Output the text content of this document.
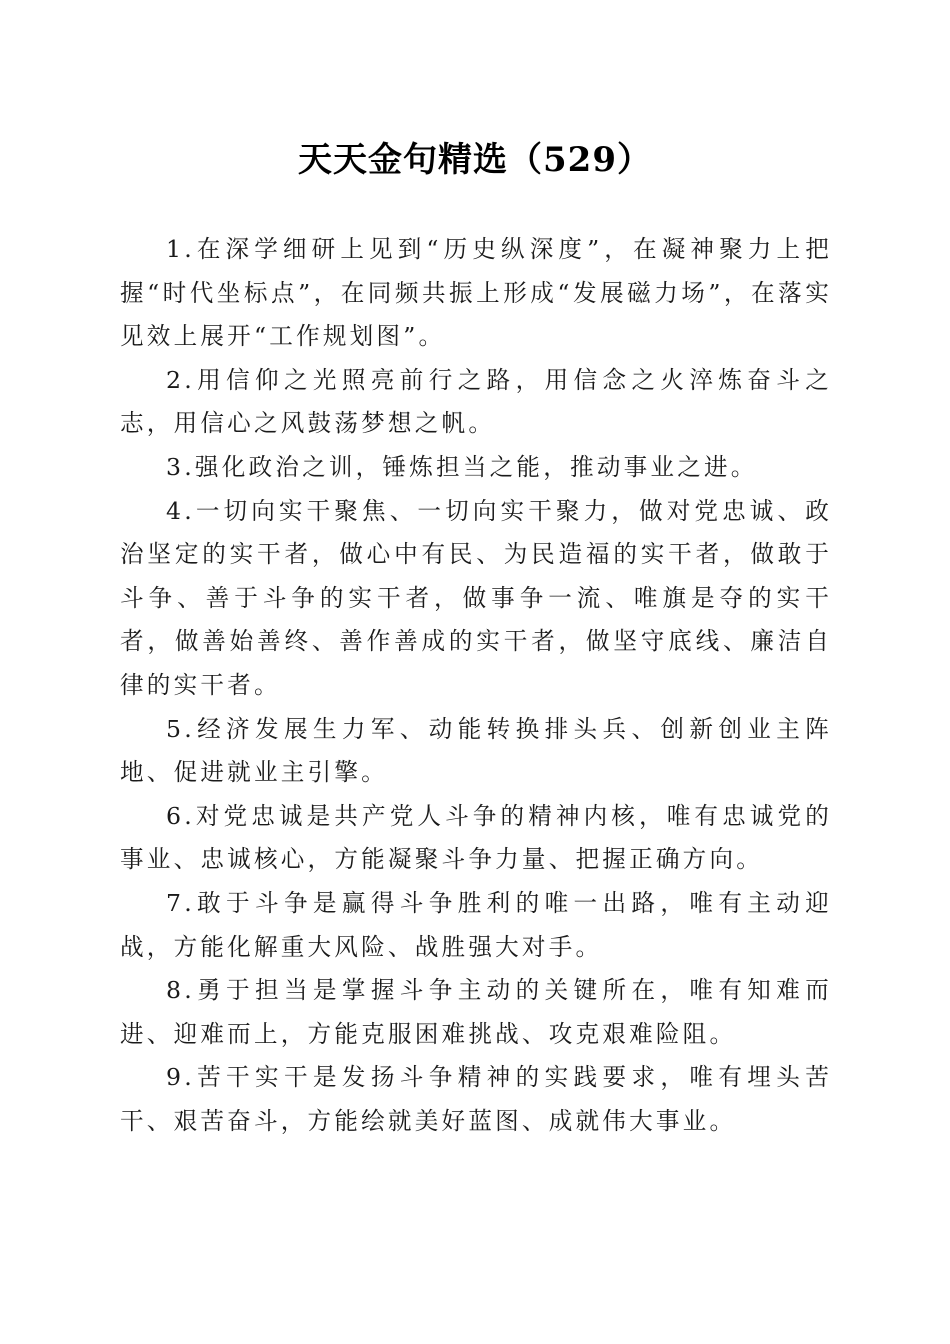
天天金句精选（529）

1.在深学细研上见到“历史纵深度”，在凝神聚力上把握“时代坐标点”，在同频共振上形成“发展磁力场”，在落实见效上展开“工作规划图”。

2.用信仰之光照亮前行之路，用信念之火淬炼奋斗之志，用信心之风鼓荡梦想之帆。

3.强化政治之训，锤炼担当之能，推动事业之进。

4.一切向实干聚焦、一切向实干聚力，做对党忠诚、政治坚定的实干者，做心中有民、为民造福的实干者，做敢于斗争、善于斗争的实干者，做事争一流、唯旗是夺的实干者，做善始善终、善作善成的实干者，做坚守底线、廉洁自律的实干者。

5.经济发展生力军、动能转换排头兵、创新创业主阵地、促进就业主引擎。

6.对党忠诚是共产党人斗争的精神内核，唯有忠诚党的事业、忠诚核心，方能凝聚斗争力量、把握正确方向。

7.敢于斗争是赢得斗争胜利的唯一出路，唯有主动迎战，方能化解重大风险、战胜强大对手。

8.勇于担当是掌握斗争主动的关键所在，唯有知难而进、迎难而上，方能克服困难挑战、攻克艰难险阻。

9.苦干实干是发扬斗争精神的实践要求，唯有埋头苦干、艰苦奋斗，方能绘就美好蓝图、成就伟大事业。
